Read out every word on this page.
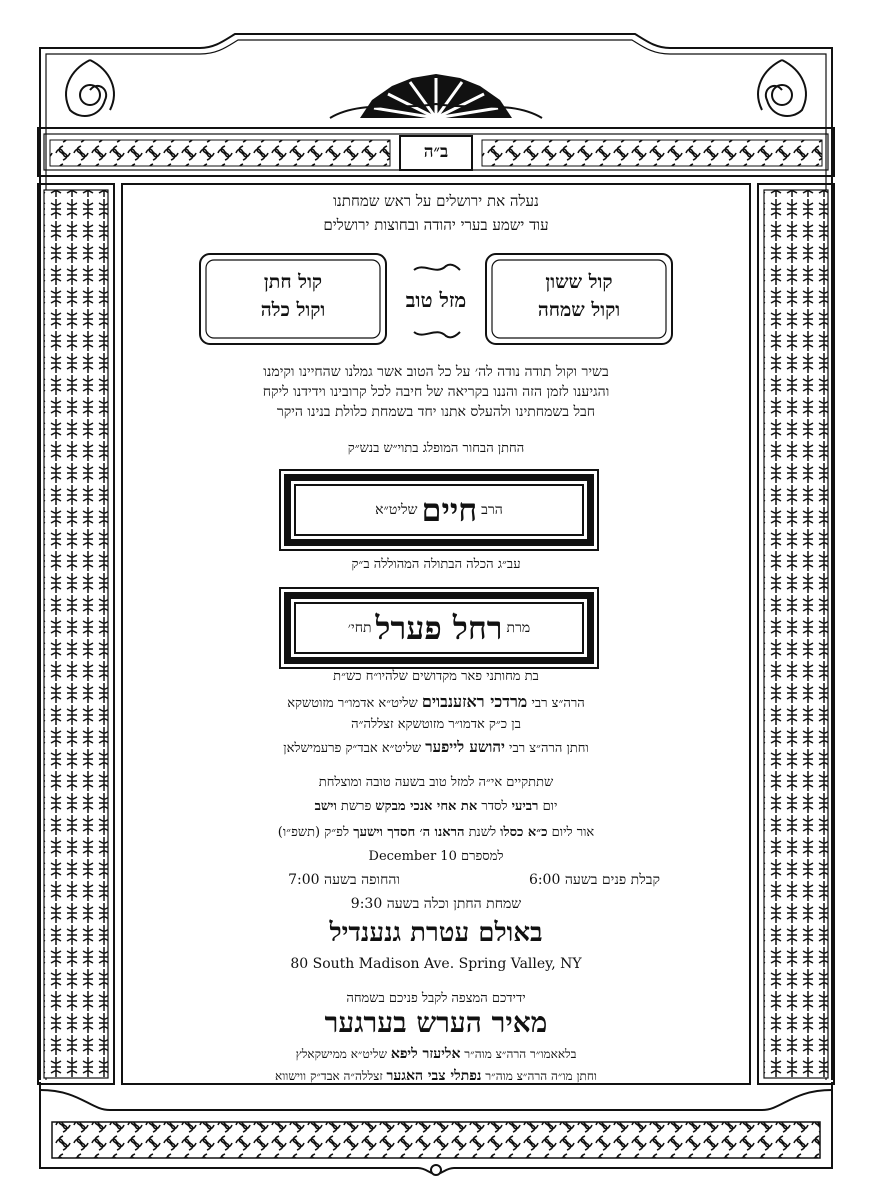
ב״ה
נעלה את ירושלים על ראש שמחתנו
עוד ישמע בערי יהודה ובחוצות ירושלים
קול ששון
וקול שמחה
קול חתן
וקול כלה	מזל טוב
בשיר וקול תודה נודה לה׳ על כל הטוב אשר גמלנו שהחיינו וקימנו
והגיענו לזמן הזה והננו בקריאה של חיבה לכל קרובינו וידידנו ליקח
חבל בשמחתינו ולהעלס אתנו יחד בשמחת כלולת בנינו היקר
החתן הבחור המופלג בתוי״ש בנש״ק
הרב
חיים
שליט״א
עב״ג הכלה הבתולה המהוללה ב״ק
מרת
רחל פערל
תחי׳
בת מחותני פאר מקדושים שלהיו״ח כש״ת
הרה״צ רבי מרדכי ראזענבוים שליט״א אדמו״ר מזוטשקא
בן כ״ק אדמו״ר מזוטשקא זצללה״ה
וחתן הרה״צ רבי יהושע לייפער שליט״א אבד״ק פרעמישלאן
שתתקיים אי״ה למזל טוב בשעה טובה ומוצלחת
יום רביעי לסדר את אחי אנכי מבקש פרשת וישב
אור ליום כ״א כסלו לשנת הראנו ה׳ חסדך וישעך לפ״ק (תשפ״ו)
למספרם December 10
קבלת פנים בשעה 6:00
והחופה בשעה 7:00
שמחת החתן וכלה בשעה 9:30
באולם עטרת גנענדיל
80 South Madison Ave. Spring Valley, NY
ידידכם המצפה לקבל פניכם בשמחה
מאיר הערש בערגער
בלאאמו״ר הרה״צ מוה״ר אליעזר ליפא שליט״א ממישקאלץ
וחתן מו״ה הרה״צ מוה״ר נפתלי צבי האגער זצללה״ה אבד״ק ווישווא
